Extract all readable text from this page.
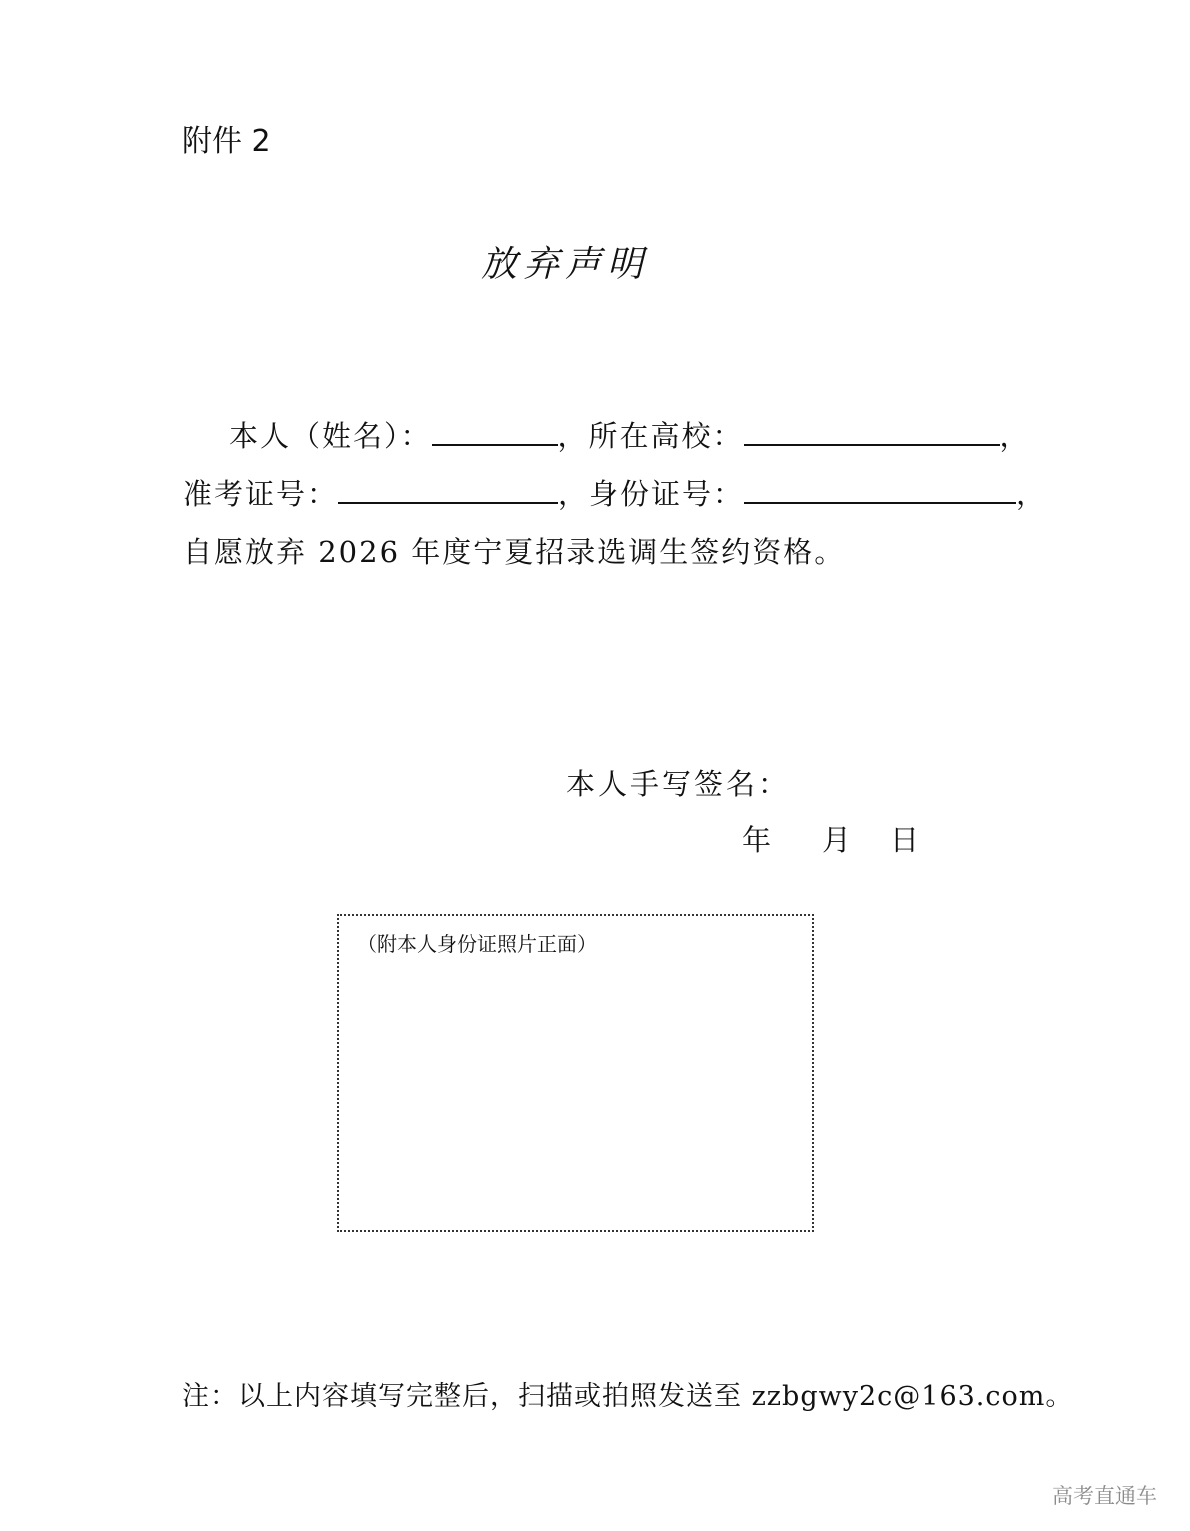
附件 2
放弃声明
本人（姓名）：	，所在高校：	，
准考证号：	，身份证号：	，
自愿放弃 2026 年度宁夏招录选调生签约资格。
本人手写签名：
年 月 日
（附本人身份证照片正面）
注：以上内容填写完整后，扫描或拍照发送至 zzbgwy2c@163.com。
高考直通车
